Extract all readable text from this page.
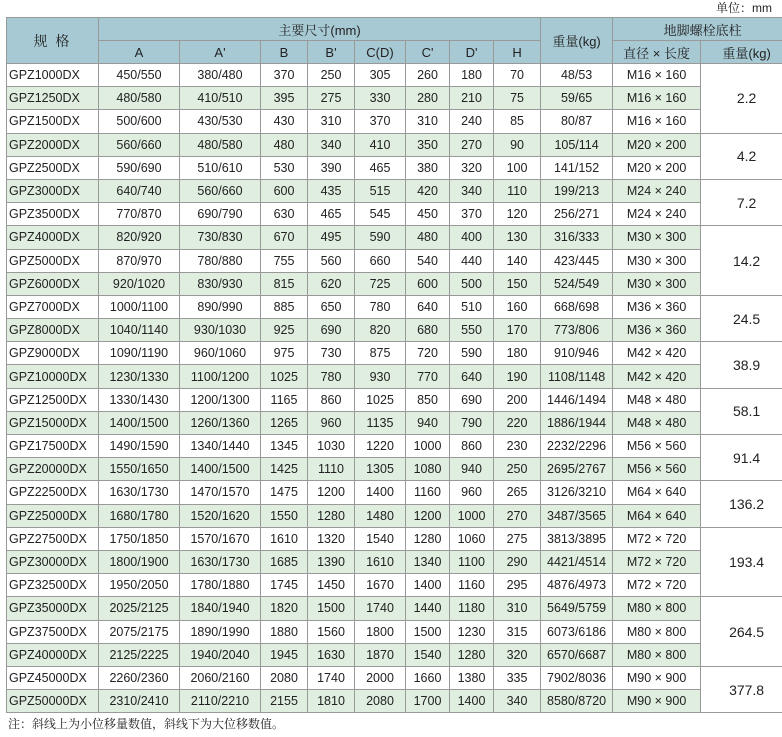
单位：mm
规 格	主要尺寸(mm)								重量(kg)	地脚螺栓底柱	
	A	A'	B	B'	C(D)	C'	D'	H		直径 × 长度	重量(kg)
GPZ1000DX	450/550	380/480	370	250	305	260	180	70	48/53	M16 × 160	2.2
GPZ1250DX	480/580	410/510	395	275	330	280	210	75	59/65	M16 × 160	
GPZ1500DX	500/600	430/530	430	310	370	310	240	85	80/87	M16 × 160	
GPZ2000DX	560/660	480/580	480	340	410	350	270	90	105/114	M20 × 200	4.2
GPZ2500DX	590/690	510/610	530	390	465	380	320	100	141/152	M20 × 200	
GPZ3000DX	640/740	560/660	600	435	515	420	340	110	199/213	M24 × 240	7.2
GPZ3500DX	770/870	690/790	630	465	545	450	370	120	256/271	M24 × 240	
GPZ4000DX	820/920	730/830	670	495	590	480	400	130	316/333	M30 × 300	14.2
GPZ5000DX	870/970	780/880	755	560	660	540	440	140	423/445	M30 × 300	
GPZ6000DX	920/1020	830/930	815	620	725	600	500	150	524/549	M30 × 300	
GPZ7000DX	1000/1100	890/990	885	650	780	640	510	160	668/698	M36 × 360	24.5
GPZ8000DX	1040/1140	930/1030	925	690	820	680	550	170	773/806	M36 × 360	
GPZ9000DX	1090/1190	960/1060	975	730	875	720	590	180	910/946	M42 × 420	38.9
GPZ10000DX	1230/1330	1100/1200	1025	780	930	770	640	190	1108/1148	M42 × 420	
GPZ12500DX	1330/1430	1200/1300	1165	860	1025	850	690	200	1446/1494	M48 × 480	58.1
GPZ15000DX	1400/1500	1260/1360	1265	960	1135	940	790	220	1886/1944	M48 × 480	
GPZ17500DX	1490/1590	1340/1440	1345	1030	1220	1000	860	230	2232/2296	M56 × 560	91.4
GPZ20000DX	1550/1650	1400/1500	1425	1110	1305	1080	940	250	2695/2767	M56 × 560	
GPZ22500DX	1630/1730	1470/1570	1475	1200	1400	1160	960	265	3126/3210	M64 × 640	136.2
GPZ25000DX	1680/1780	1520/1620	1550	1280	1480	1200	1000	270	3487/3565	M64 × 640	
GPZ27500DX	1750/1850	1570/1670	1610	1320	1540	1280	1060	275	3813/3895	M72 × 720	193.4
GPZ30000DX	1800/1900	1630/1730	1685	1390	1610	1340	1100	290	4421/4514	M72 × 720	
GPZ32500DX	1950/2050	1780/1880	1745	1450	1670	1400	1160	295	4876/4973	M72 × 720	
GPZ35000DX	2025/2125	1840/1940	1820	1500	1740	1440	1180	310	5649/5759	M80 × 800	264.5
GPZ37500DX	2075/2175	1890/1990	1880	1560	1800	1500	1230	315	6073/6186	M80 × 800	
GPZ40000DX	2125/2225	1940/2040	1945	1630	1870	1540	1280	320	6570/6687	M80 × 800	
GPZ45000DX	2260/2360	2060/2160	2080	1740	2000	1660	1380	335	7902/8036	M90 × 900	377.8
GPZ50000DX	2310/2410	2110/2210	2155	1810	2080	1700	1400	340	8580/8720	M90 × 900	
注：斜线上为小位移量数值，斜线下为大位移数值。
